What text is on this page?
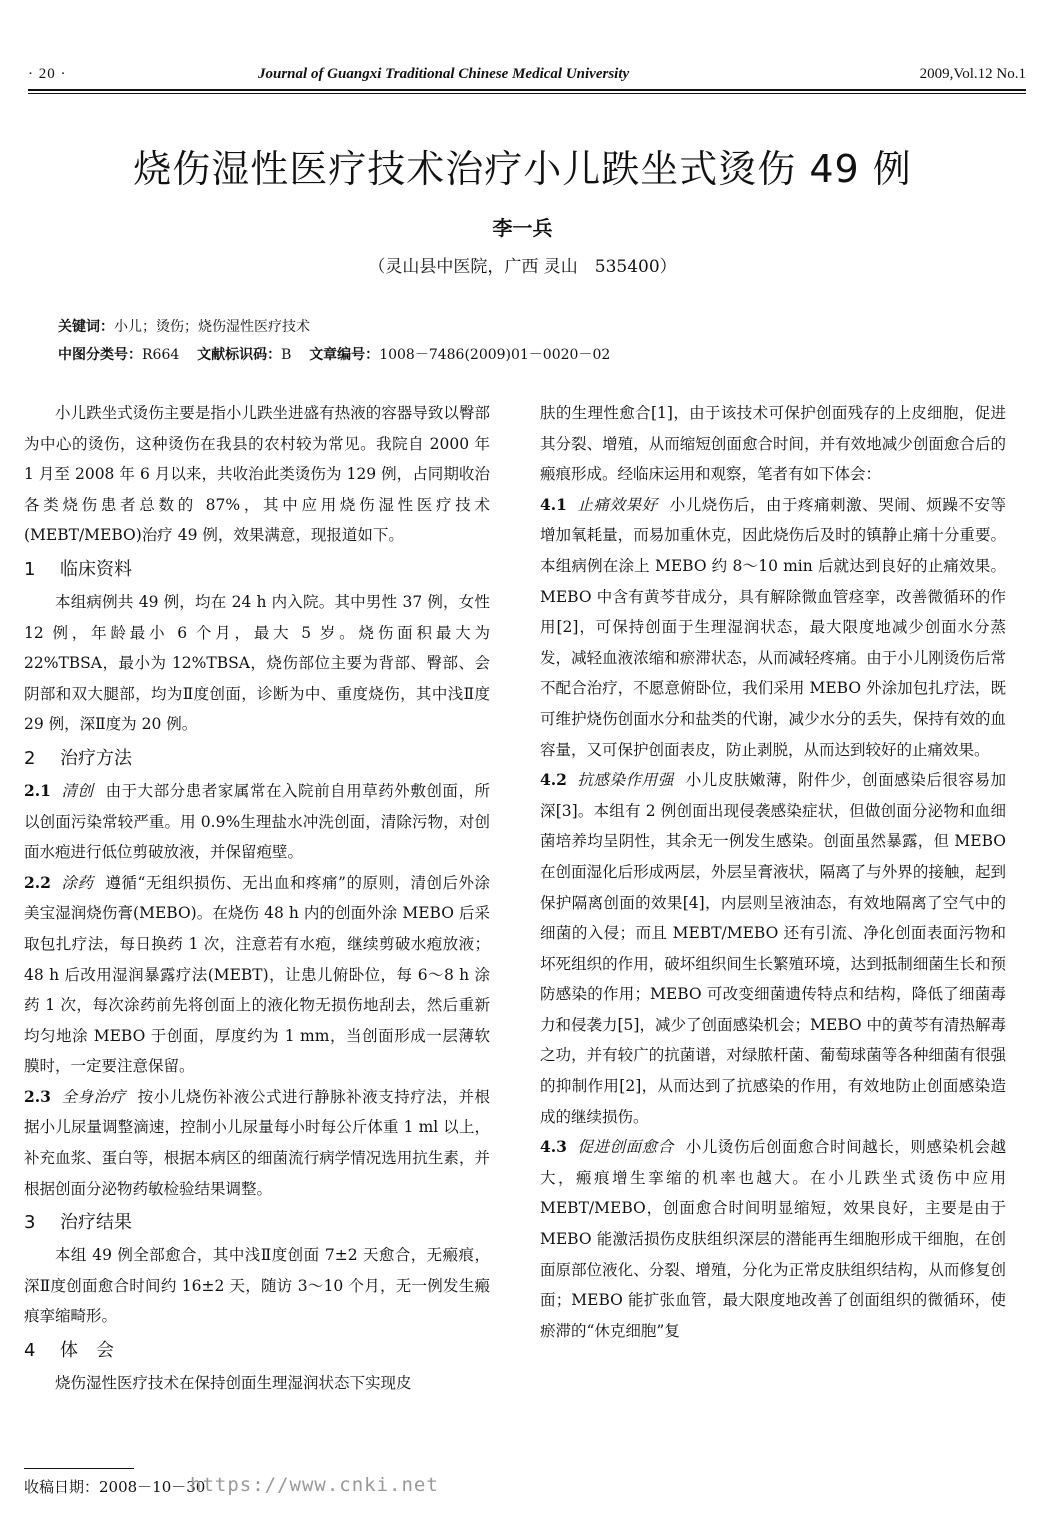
· 20 ·	Journal of Guangxi Traditional Chinese Medical University	2009,Vol.12 No.1
烧伤湿性医疗技术治疗小儿跌坐式烫伤 49 例
李一兵
（灵山县中医院，广西 灵山　535400）
关键词：小儿；烫伤；烧伤湿性医疗技术
中图分类号：R664 文献标识码：B 文章编号：1008－7486(2009)01－0020－02

小儿跌坐式烫伤主要是指小儿跌坐进盛有热液的容器导致以臀部为中心的烫伤，这种烫伤在我县的农村较为常见。我院自 2000 年 1 月至 2008 年 6 月以来，共收治此类烫伤为 129 例，占同期收治各类烧伤患者总数的 87%，其中应用烧伤湿性医疗技术(MEBT/MEBO)治疗 49 例，效果满意，现报道如下。

1 临床资料

本组病例共 49 例，均在 24 h 内入院。其中男性 37 例，女性 12 例，年龄最小 6 个月，最大 5 岁。烧伤面积最大为 22%TBSA，最小为 12%TBSA，烧伤部位主要为背部、臀部、会阴部和双大腿部，均为Ⅱ度创面，诊断为中、重度烧伤，其中浅Ⅱ度 29 例，深Ⅱ度为 20 例。

2 治疗方法

2.1 清创 由于大部分患者家属常在入院前自用草药外敷创面，所以创面污染常较严重。用 0.9%生理盐水冲洗创面，清除污物，对创面水疱进行低位剪破放液，并保留疱壁。

2.2 涂药 遵循“无组织损伤、无出血和疼痛”的原则，清创后外涂美宝湿润烧伤膏(MEBO)。在烧伤 48 h 内的创面外涂 MEBO 后采取包扎疗法，每日换药 1 次，注意若有水疱，继续剪破水疱放液；48 h 后改用湿润暴露疗法(MEBT)，让患儿俯卧位，每 6～8 h 涂药 1 次，每次涂药前先将创面上的液化物无损伤地刮去，然后重新均匀地涂 MEBO 于创面，厚度约为 1 mm，当创面形成一层薄软膜时，一定要注意保留。

2.3 全身治疗 按小儿烧伤补液公式进行静脉补液支持疗法，并根据小儿尿量调整滴速，控制小儿尿量每小时每公斤体重 1 ml 以上，补充血浆、蛋白等，根据本病区的细菌流行病学情况选用抗生素，并根据创面分泌物药敏检验结果调整。

3 治疗结果

本组 49 例全部愈合，其中浅Ⅱ度创面 7±2 天愈合，无瘢痕，深Ⅱ度创面愈合时间约 16±2 天，随访 3～10 个月，无一例发生瘢痕挛缩畸形。

4 体　会

烧伤湿性医疗技术在保持创面生理湿润状态下实现皮

肤的生理性愈合[1]，由于该技术可保护创面残存的上皮细胞，促进其分裂、增殖，从而缩短创面愈合时间，并有效地减少创面愈合后的瘢痕形成。经临床运用和观察，笔者有如下体会：

4.1 止痛效果好 小儿烧伤后，由于疼痛刺激、哭闹、烦躁不安等增加氧耗量，而易加重休克，因此烧伤后及时的镇静止痛十分重要。本组病例在涂上 MEBO 约 8～10 min 后就达到良好的止痛效果。MEBO 中含有黄芩苷成分，具有解除微血管痉挛，改善微循环的作用[2]，可保持创面于生理湿润状态，最大限度地减少创面水分蒸发，减轻血液浓缩和瘀滞状态，从而减轻疼痛。由于小儿刚烫伤后常不配合治疗，不愿意俯卧位，我们采用 MEBO 外涂加包扎疗法，既可维护烧伤创面水分和盐类的代谢，减少水分的丢失，保持有效的血容量，又可保护创面表皮，防止剥脱，从而达到较好的止痛效果。

4.2 抗感染作用强 小儿皮肤嫩薄，附件少，创面感染后很容易加深[3]。本组有 2 例创面出现侵袭感染症状，但做创面分泌物和血细菌培养均呈阴性，其余无一例发生感染。创面虽然暴露，但 MEBO 在创面湿化后形成两层，外层呈膏液状，隔离了与外界的接触，起到保护隔离创面的效果[4]，内层则呈液油态，有效地隔离了空气中的细菌的入侵；而且 MEBT/MEBO 还有引流、净化创面表面污物和坏死组织的作用，破坏组织间生长繁殖环境，达到抵制细菌生长和预防感染的作用；MEBO 可改变细菌遗传特点和结构，降低了细菌毒力和侵袭力[5]，减少了创面感染机会；MEBO 中的黄芩有清热解毒之功，并有较广的抗菌谱，对绿脓杆菌、葡萄球菌等各种细菌有很强的抑制作用[2]，从而达到了抗感染的作用，有效地防止创面感染造成的继续损伤。

4.3 促进创面愈合 小儿烫伤后创面愈合时间越长，则感染机会越大，瘢痕增生挛缩的机率也越大。在小儿跌坐式烫伤中应用 MEBT/MEBO，创面愈合时间明显缩短，效果良好，主要是由于 MEBO 能激活损伤皮肤组织深层的潜能再生细胞形成干细胞，在创面原部位液化、分裂、增殖，分化为正常皮肤组织结构，从而修复创面；MEBO 能扩张血管，最大限度地改善了创面组织的微循环，使瘀滞的“休克细胞”复

收稿日期：2008－10－30
https://www.cnki.net
